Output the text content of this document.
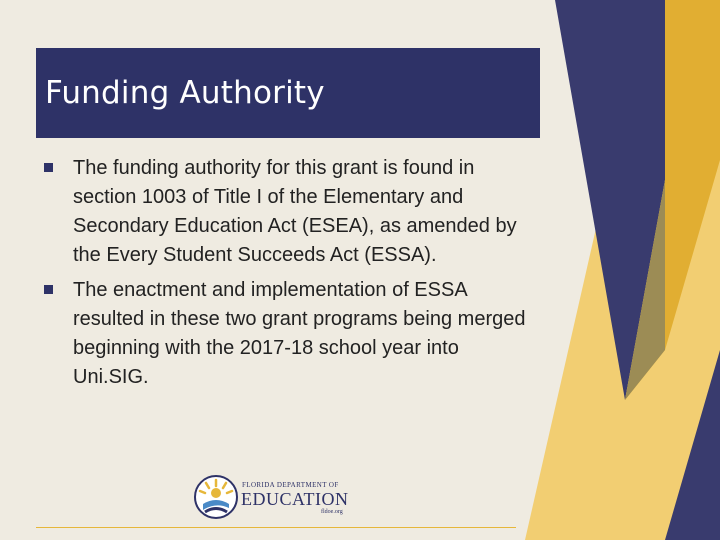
Funding Authority
The funding authority for this grant is found in section 1003 of Title I of the Elementary and Secondary Education Act (ESEA), as amended by the Every Student Succeeds Act (ESSA).
The enactment and implementation of ESSA resulted in these two grant programs being merged beginning with the 2017-18 school year into Uni.SIG.
FLORIDA DEPARTMENT OF
EDUCATION
fldoe.org
